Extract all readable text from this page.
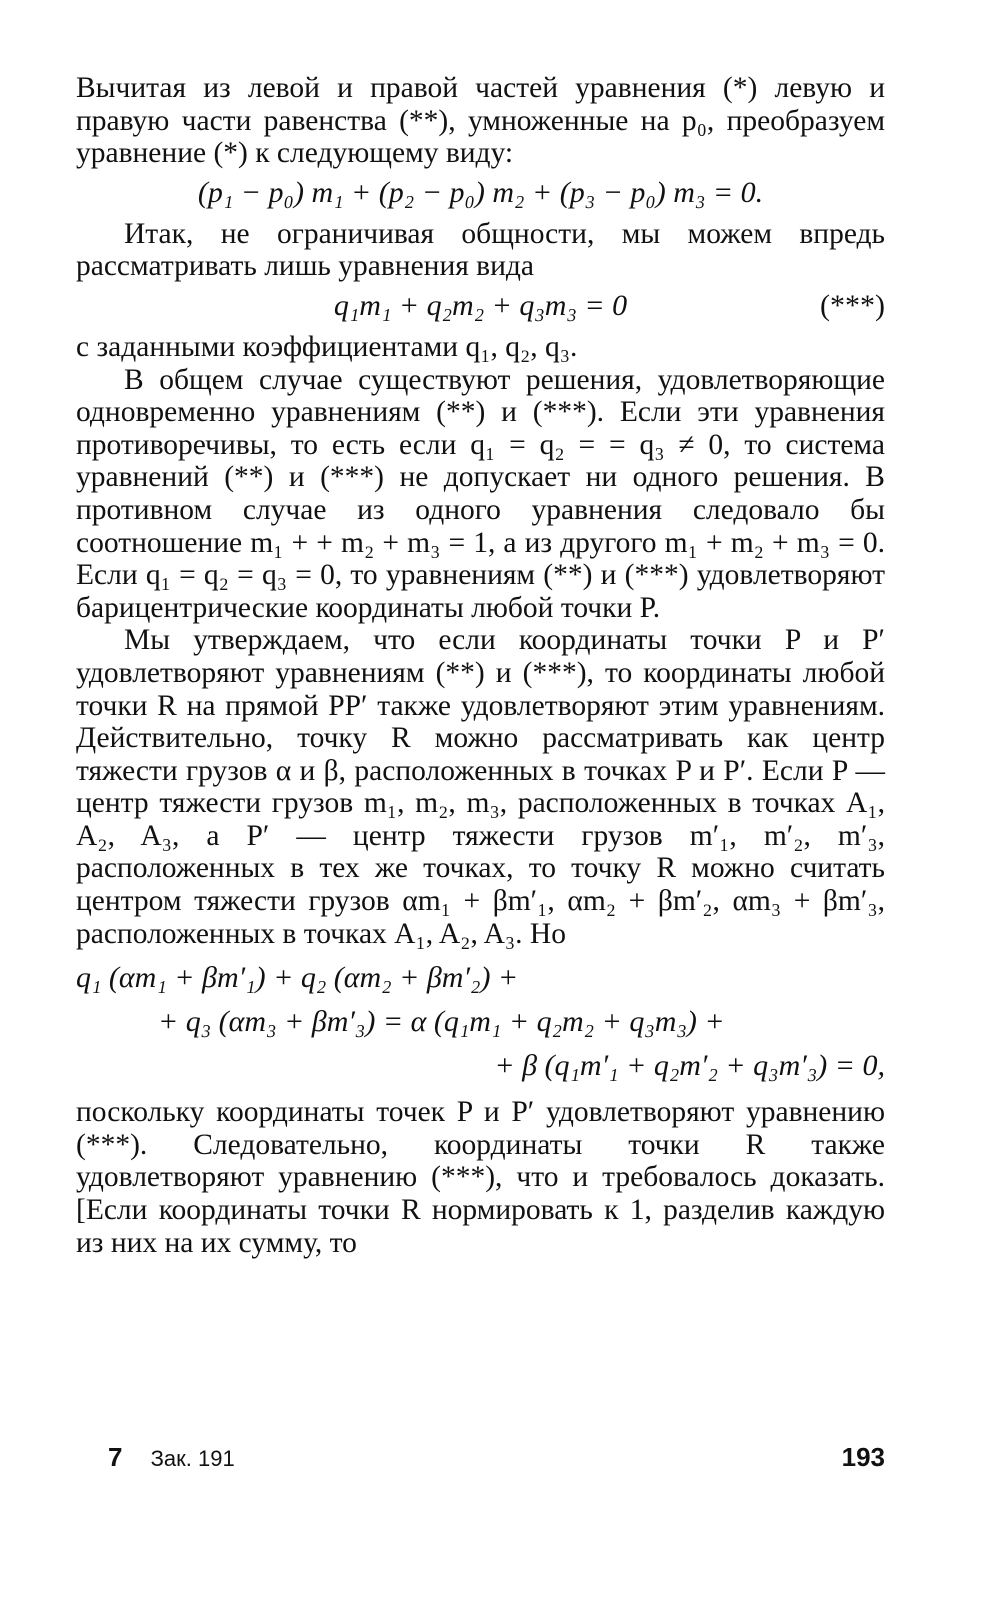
Вычитая из левой и правой частей уравнения (*) левую и правую части равенства (**), умноженные на p₀, преобразуем уравнение (*) к следующему виду:

(p₁ − p₀) m₁ + (p₂ − p₀) m₂ + (p₃ − p₀) m₃ = 0.

Итак, не ограничивая общности, мы можем впредь рассматривать лишь уравнения вида

q₁m₁ + q₂m₂ + q₃m₃ = 0	(***)

с заданными коэффициентами q₁, q₂, q₃.

В общем случае существуют решения, удовлетворяющие одновременно уравнениям (**) и (***). Если эти уравнения противоречивы, то есть если q₁ = q₂ = = q₃ ≠ 0, то система уравнений (**) и (***) не допускает ни одного решения. В противном случае из одного уравнения следовало бы соотношение m₁ + + m₂ + m₃ = 1, а из другого m₁ + m₂ + m₃ = 0. Если q₁ = q₂ = q₃ = 0, то уравнениям (**) и (***) удовлетворяют барицентрические координаты любой точки P.

Мы утверждаем, что если координаты точки P и P′ удовлетворяют уравнениям (**) и (***), то координаты любой точки R на прямой PP′ также удовлетворяют этим уравнениям. Действительно, точку R можно рассматривать как центр тяжести грузов α и β, расположенных в точках P и P′. Если P — центр тяжести грузов m₁, m₂, m₃, расположенных в точках A₁, A₂, A₃, а P′ — центр тяжести грузов m′₁, m′₂, m′₃, расположенных в тех же точках, то точку R можно считать центром тяжести грузов αm₁ + βm′₁, αm₂ + βm′₂, αm₃ + βm′₃, расположенных в точках A₁, A₂, A₃. Но

q₁ (αm₁ + βm′₁) + q₂ (αm₂ + βm′₂) +
+ q₃ (αm₃ + βm′₃) = α (q₁m₁ + q₂m₂ + q₃m₃) +
+ β (q₁m′₁ + q₂m′₂ + q₃m′₃) = 0,

поскольку координаты точек P и P′ удовлетворяют уравнению (***). Следовательно, координаты точки R также удовлетворяют уравнению (***), что и требовалось доказать. [Если координаты точки R нормировать к 1, разделив каждую из них на их сумму, то

7 Зак. 191	193
